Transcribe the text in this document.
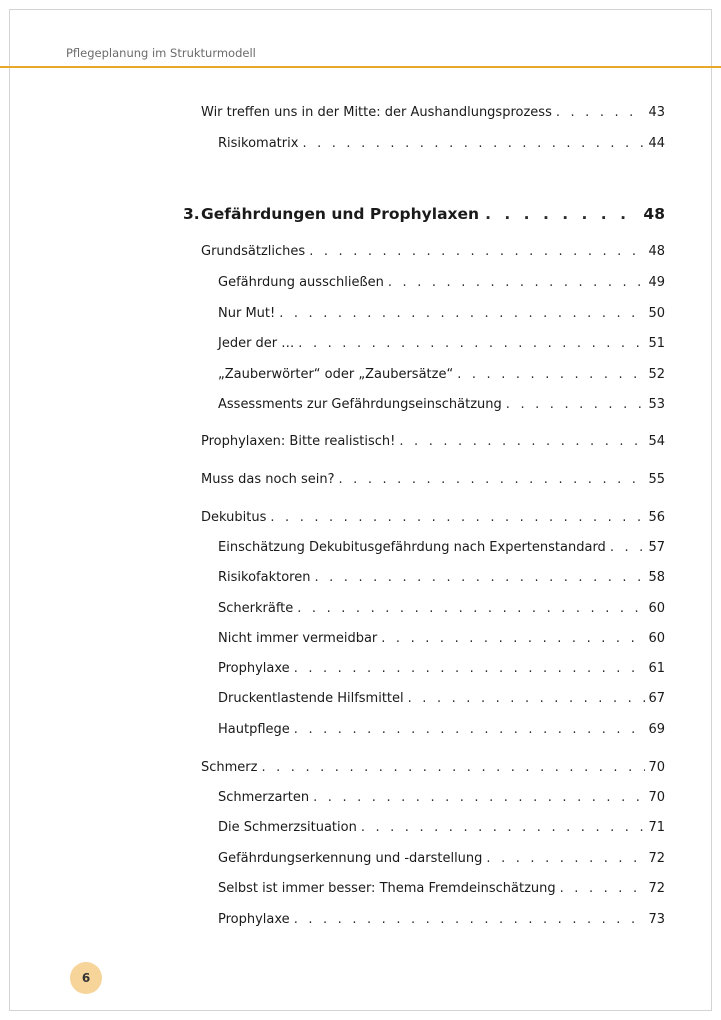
Pflegeplanung im Strukturmodell
Wir treffen uns in der Mitte: der Aushandlungsprozess . . .	43
Risikomatrix . . .	44
3. Gefährdungen und Prophylaxen . . .	48
Grundsätzliches . . .	48
Gefährdung ausschließen . . .	49
Nur Mut! . . .	50
Jeder der … . . .	51
„Zauberwörter“ oder „Zaubersätze“ . . .	52
Assessments zur Gefährdungseinschätzung . . .	53
Prophylaxen: Bitte realistisch! . . .	54
Muss das noch sein? . . .	55
Dekubitus . . .	56
Einschätzung Dekubitusgefährdung nach Expertenstandard . . .	57
Risikofaktoren . . .	58
Scherkräfte . . .	60
Nicht immer vermeidbar . . .	60
Prophylaxe . . .	61
Druckentlastende Hilfsmittel . . .	67
Hautpflege . . .	69
Schmerz . . .	70
Schmerzarten . . .	70
Die Schmerzsituation . . .	71
Gefährdungserkennung und -darstellung . . .	72
Selbst ist immer besser: Thema Fremdeinschätzung . . .	72
Prophylaxe . . .	73
6
